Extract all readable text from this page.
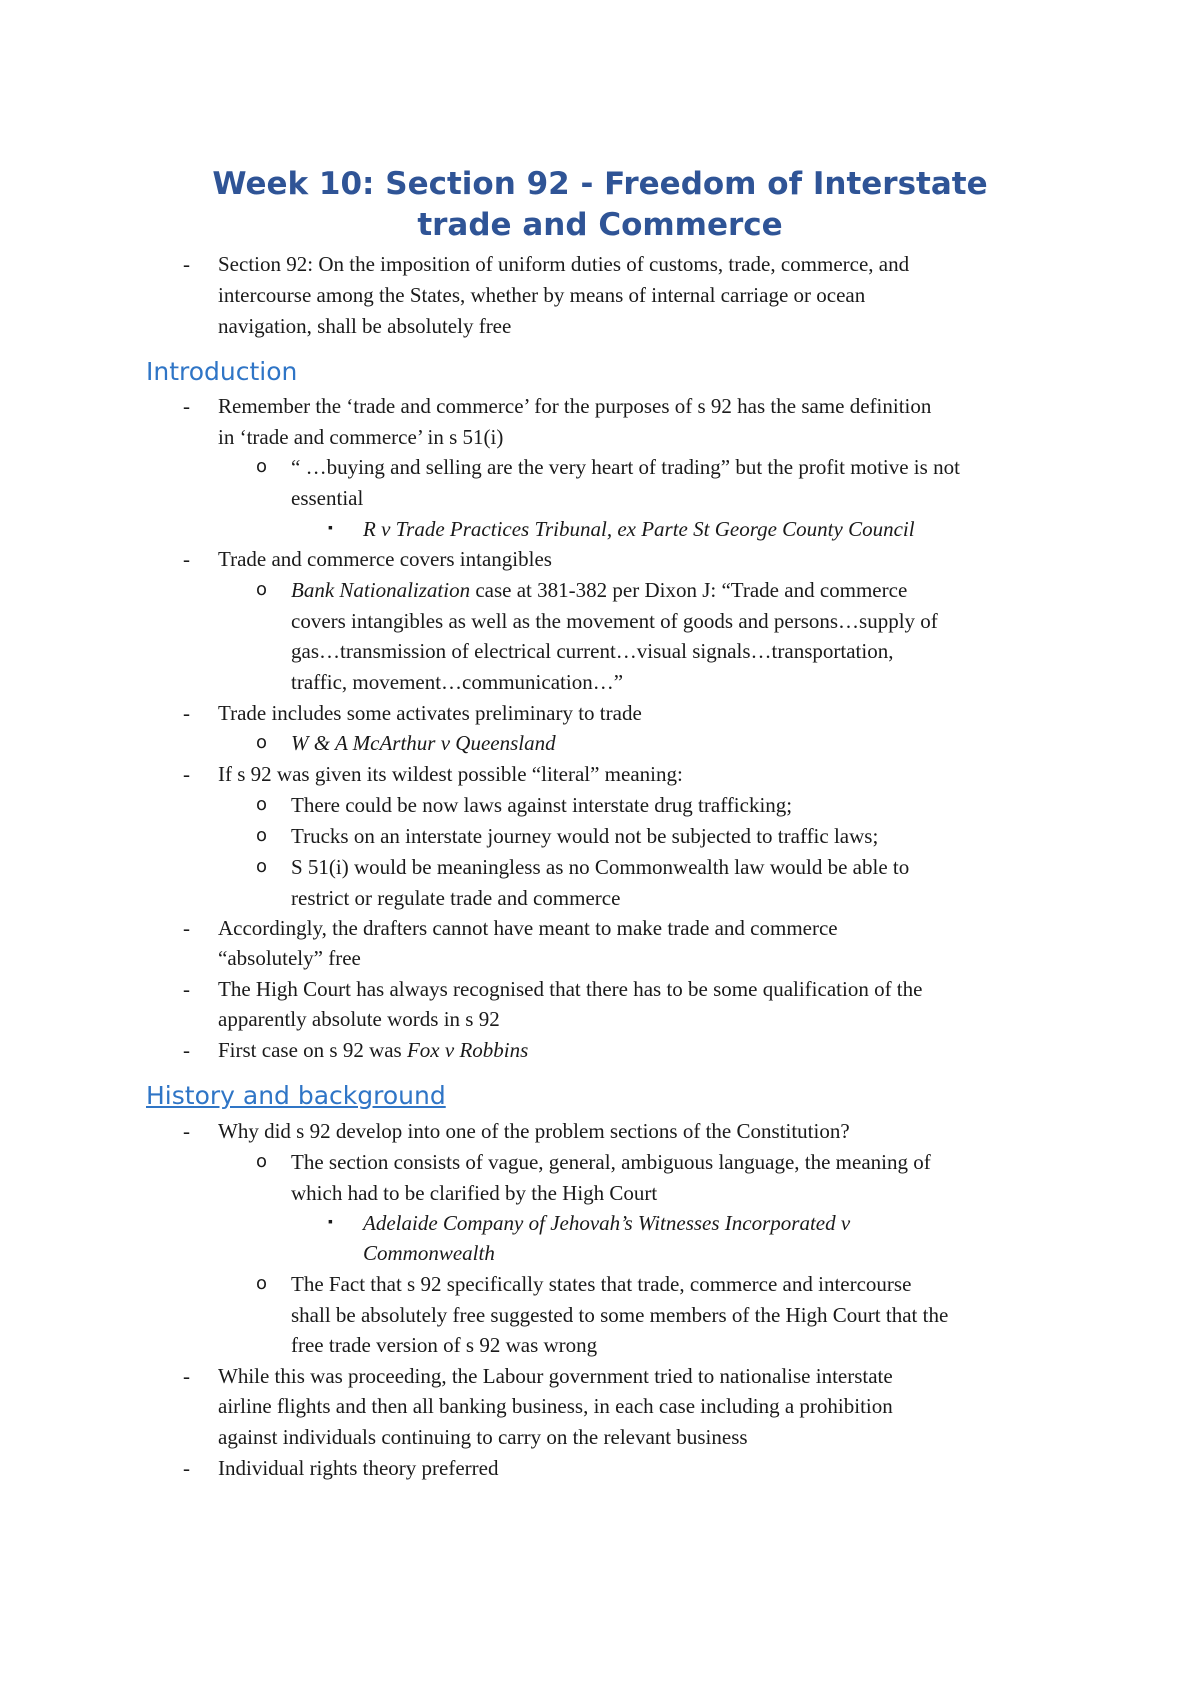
Week 10: Section 92 - Freedom of Interstate
trade and Commerce
- Section 92: On the imposition of uniform duties of customs, trade, commerce, and
intercourse among the States, whether by means of internal carriage or ocean
navigation, shall be absolutely free
Introduction
- Remember the ‘trade and commerce’ for the purposes of s 92 has the same definition
in ‘trade and commerce’ in s 51(i)
o “ …buying and selling are the very heart of trading” but the profit motive is not
essential
▪ R v Trade Practices Tribunal, ex Parte St George County Council
- Trade and commerce covers intangibles
o Bank Nationalization case at 381-382 per Dixon J: “Trade and commerce
covers intangibles as well as the movement of goods and persons…supply of
gas…transmission of electrical current…visual signals…transportation,
traffic, movement…communication…”
- Trade includes some activates preliminary to trade
o W & A McArthur v Queensland
- If s 92 was given its wildest possible “literal” meaning:
o There could be now laws against interstate drug trafficking;
o Trucks on an interstate journey would not be subjected to traffic laws;
o S 51(i) would be meaningless as no Commonwealth law would be able to
restrict or regulate trade and commerce
- Accordingly, the drafters cannot have meant to make trade and commerce
“absolutely” free
- The High Court has always recognised that there has to be some qualification of the
apparently absolute words in s 92
- First case on s 92 was Fox v Robbins
History and background
- Why did s 92 develop into one of the problem sections of the Constitution?
o The section consists of vague, general, ambiguous language, the meaning of
which had to be clarified by the High Court
▪ Adelaide Company of Jehovah’s Witnesses Incorporated v
Commonwealth
o The Fact that s 92 specifically states that trade, commerce and intercourse
shall be absolutely free suggested to some members of the High Court that the
free trade version of s 92 was wrong
- While this was proceeding, the Labour government tried to nationalise interstate
airline flights and then all banking business, in each case including a prohibition
against individuals continuing to carry on the relevant business
- Individual rights theory preferred
